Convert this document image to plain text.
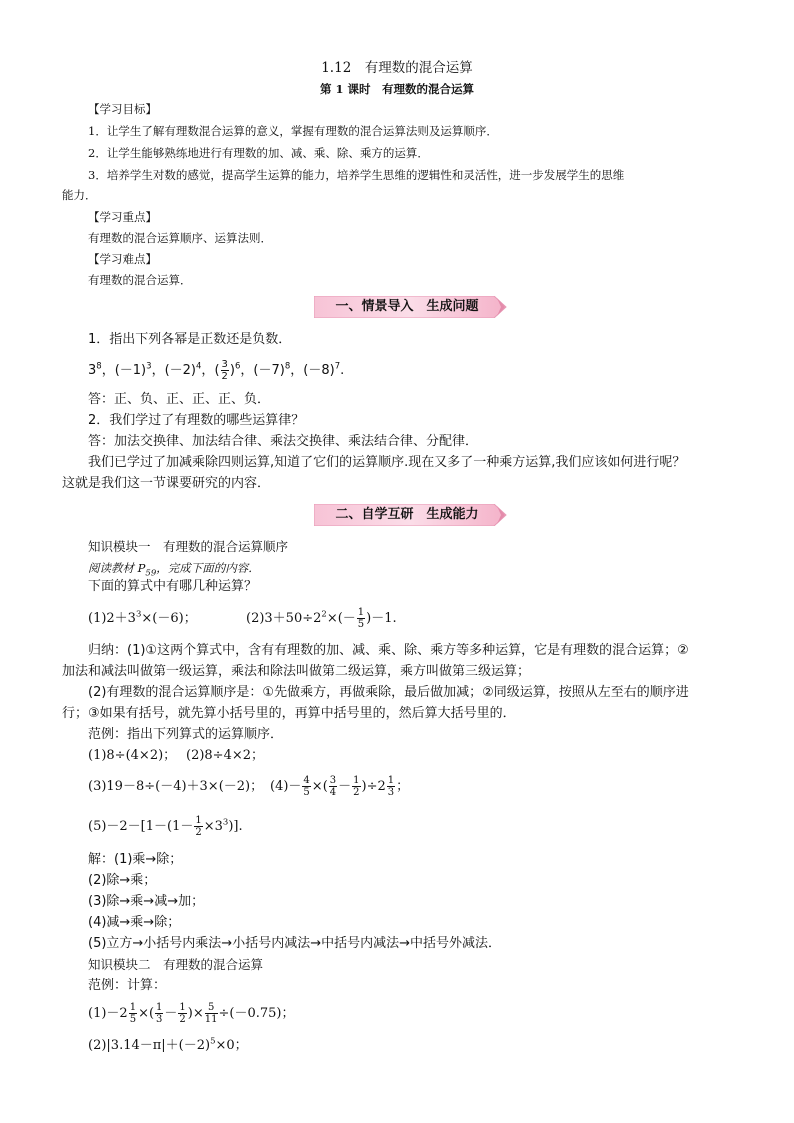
1.12　有理数的混合运算
第 1 课时　有理数的混合运算
【学习目标】
1．让学生了解有理数混合运算的意义，掌握有理数的混合运算法则及运算顺序．
2．让学生能够熟练地进行有理数的加、减、乘、除、乘方的运算．
3．培养学生对数的感觉，提高学生运算的能力，培养学生思维的逻辑性和灵活性，进一步发展学生的思维
能力．
【学习重点】
有理数的混合运算顺序、运算法则．
【学习难点】
有理数的混合运算．
一、情景导入　生成问题
1．指出下列各幂是正数还是负数．
$3^8$，$(-1)^3$，$(-2)^4$，( $\frac{3}{2} )^6$，$(-7)^8$，$(-8)^7$.
答：正、负、正、正、正、负．
2．我们学过了有理数的哪些运算律？
答：加法交换律、加法结合律、乘法交换律、乘法结合律、分配律．
我们已学过了加减乘除四则运算,知道了它们的运算顺序.现在又多了一种乘方运算,我们应该如何进行呢？
这就是我们这一节课要研究的内容．
二、自学互研　生成能力
知识模块一　有理数的混合运算顺序
阅读教材 $P_{59}$，完成下面的内容．
下面的算式中有哪几种运算？
$(1)2+3^3\times(-6)$；	$(2)3+50\div 2^2\times(- \frac{1}{5} )-1$.
归纳：(1)①这两个算式中，含有有理数的加、减、乘、除、乘方等多种运算，它是有理数的混合运算；②
加法和减法叫做第一级运算，乘法和除法叫做第二级运算，乘方叫做第三级运算；
(2)有理数的混合运算顺序是：①先做乘方，再做乘除，最后做加减；②同级运算，按照从左至右的顺序进
行；③如果有括号，就先算小括号里的，再算中括号里的，然后算大括号里的．
范例：指出下列算式的运算顺序．
(1)8÷(4×2)； (2)8÷4×2；
(3)19－8÷(－4)＋3×(－2)； $(4)- \frac{4}{5}$ ×( $\frac{3}{4} - \frac{1}{2} )\div 2 \frac{1}{3}$ ；
$(5)-2-[1-(1- \frac{1}{2} \times 3^3)]$.
解：(1)乘→除；
(2)除→乘；
(3)除→乘→减→加；
(4)减→乘→除；
(5)立方→小括号内乘法→小括号内减法→中括号内减法→中括号外减法．
知识模块二　有理数的混合运算
范例：计算：
$(1)-2 \frac{1}{5}$ ×( $\frac{1}{3} - \frac{1}{2}$ )× $\frac{5}{11} \div(-0.75)$；
$(2)|3.14-\pi|+(-2)^5\times 0$；
